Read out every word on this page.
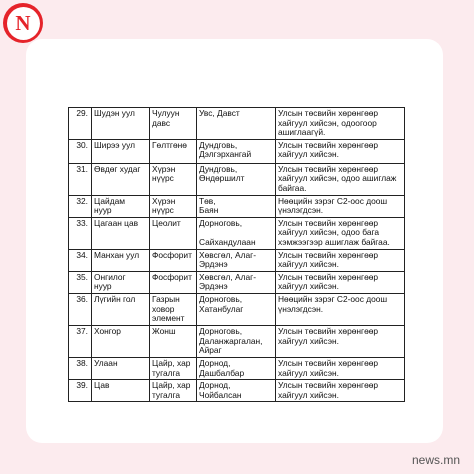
N
29.	Шудэн уул	Чулуун
давс	Увс, Давст	Улсын төсвийн хөрөнгөөр
хайгуул хийсэн, одоогоор
ашиглаагүй.
30.	Ширээ уул	Гөлтгөнө	Дундговь,
Дэлгэрхангай	Улсын төсвийн хөрөнгөөр
хайгуул хийсэн.
31.	Өвдөг худаг	Хүрэн
нүүрс	Дундговь,
Өндөршилт	Улсын төсвийн хөрөнгөөр
хайгуул хийсэн, одоо ашиглаж
байгаа.
32.	Цайдам
нуур	Хүрэн
нүүрс	Төв,
Баян	Нөөцийн зэрэг С2-оос доош
үнэлэгдсэн.
33.	Цагаан цав	Цеолит	Дорноговь,

Сайхандулаан	Улсын төсвийн хөрөнгөөр
хайгуул хийсэн, одоо бага
хэмжээгээр ашиглаж байгаа.
34.	Манхан уул	Фосфорит	Хөвсгөл, Алаг-
Эрдэнэ	Улсын төсвийн хөрөнгөөр
хайгуул хийсэн.
35.	Онгилог
нуур	Фосфорит	Хөвсгөл, Алаг-
Эрдэнэ	Улсын төсвийн хөрөнгөөр
хайгуул хийсэн.
36.	Лүгийн гол	Газрын
ховор
элемент	Дорноговь,
Хатанбулаг	Нөөцийн зэрэг С2-оос доош
үнэлэгдсэн.
37.	Хонгор	Жонш	Дорноговь,
Даланжаргалан,
Айраг	Улсын төсвийн хөрөнгөөр
хайгуул хийсэн.
38.	Улаан	Цайр, хар
тугалга	Дорнод,
Дашбалбар	Улсын төсвийн хөрөнгөөр
хайгуул хийсэн.
39.	Цав	Цайр, хар
тугалга	Дорнод,
Чойбалсан	Улсын төсвийн хөрөнгөөр
хайгуул хийсэн.
news.mn
